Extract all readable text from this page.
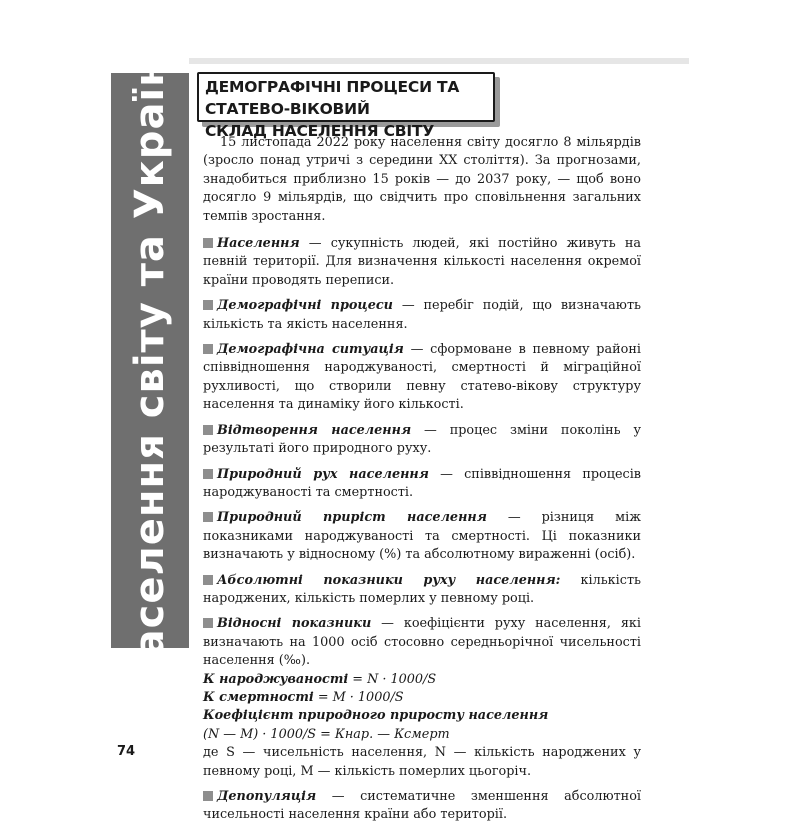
Населення світу та України ДЕМОГРАФІЧНІ ПРОЦЕСИ ТА СТАТЕВО-ВІКОВИЙ
СКЛАД НАСЕЛЕННЯ СВІТУ

15 листопада 2022 року населення світу досягло 8 мільярдів (зросло понад утричі з середини XX століття). За прогнозами, знадобиться приблизно 15 років — до 2037 року, — щоб воно досягло 9 мільярдів, що свідчить про сповільнення загальних темпів зростання.

Населення — сукупність людей, які постійно живуть на певній території. Для визначення кількості населення окремої країни проводять переписи.

Демографічні процеси — перебіг подій, що визначають кількість та якість населення.

Демографічна ситуація — сформоване в певному районі співвідношення народжуваності, смертності й міграційної рухливості, що створили певну статево-вікову структуру населення та динаміку його кількості.

Відтворення населення — процес зміни поколінь у результаті його природного руху.

Природний рух населення — співвідношення процесів народжуваності та смертності.

Природний приріст населення — різниця між показниками народжуваності та смертності. Ці показники визначають у відносному (%) та абсолютному вираженні (осіб).

Абсолютні показники руху населення: кількість народжених, кількість померлих у певному році.

Відносні показники — коефіцієнти руху населення, які визначають на 1000 осіб стосовно середньорічної чисельності населення (‰).

К народжуваності = N · 1000/S

К смертності = M · 1000/S

Коефіцієнт природного приросту населення

(N — M) · 1000/S = Кнар. — Ксмерт

де S — чисельність населення, N — кількість народжених у певному році, M — кількість померлих цьогоріч.

Депопуляція — систематичне зменшення абсолютної чисельності населення країни або території.

74
